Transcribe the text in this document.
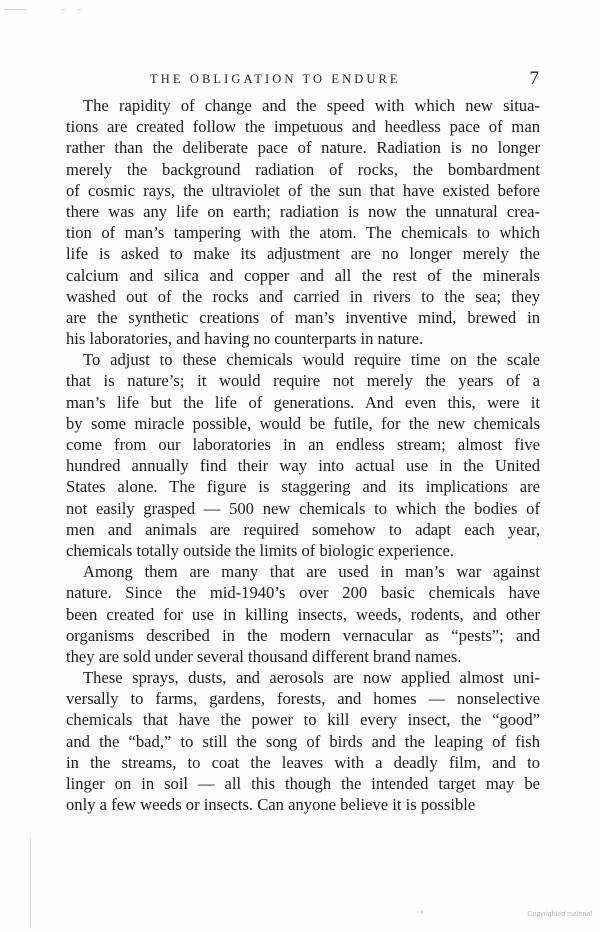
THE OBLIGATION TO ENDURE	7
The rapidity of change and the speed with which new situa-
tions are created follow the impetuous and heedless pace of man
rather than the deliberate pace of nature. Radiation is no longer
merely the background radiation of rocks, the bombardment
of cosmic rays, the ultraviolet of the sun that have existed before
there was any life on earth; radiation is now the unnatural crea-
tion of man’s tampering with the atom. The chemicals to which
life is asked to make its adjustment are no longer merely the
calcium and silica and copper and all the rest of the minerals
washed out of the rocks and carried in rivers to the sea; they
are the synthetic creations of man’s inventive mind, brewed in
his laboratories, and having no counterparts in nature.
To adjust to these chemicals would require time on the scale
that is nature’s; it would require not merely the years of a
man’s life but the life of generations. And even this, were it
by some miracle possible, would be futile, for the new chemicals
come from our laboratories in an endless stream; almost five
hundred annually find their way into actual use in the United
States alone. The figure is staggering and its implications are
not easily grasped — 500 new chemicals to which the bodies of
men and animals are required somehow to adapt each year,
chemicals totally outside the limits of biologic experience.
Among them are many that are used in man’s war against
nature. Since the mid-1940’s over 200 basic chemicals have
been created for use in killing insects, weeds, rodents, and other
organisms described in the modern vernacular as “pests”; and
they are sold under several thousand different brand names.
These sprays, dusts, and aerosols are now applied almost uni-
versally to farms, gardens, forests, and homes — nonselective
chemicals that have the power to kill every insect, the “good”
and the “bad,” to still the song of birds and the leaping of fish
in the streams, to coat the leaves with a deadly film, and to
linger on in soil — all this though the intended target may be
only a few weeds or insects. Can anyone believe it is possible
Copyrighted material
